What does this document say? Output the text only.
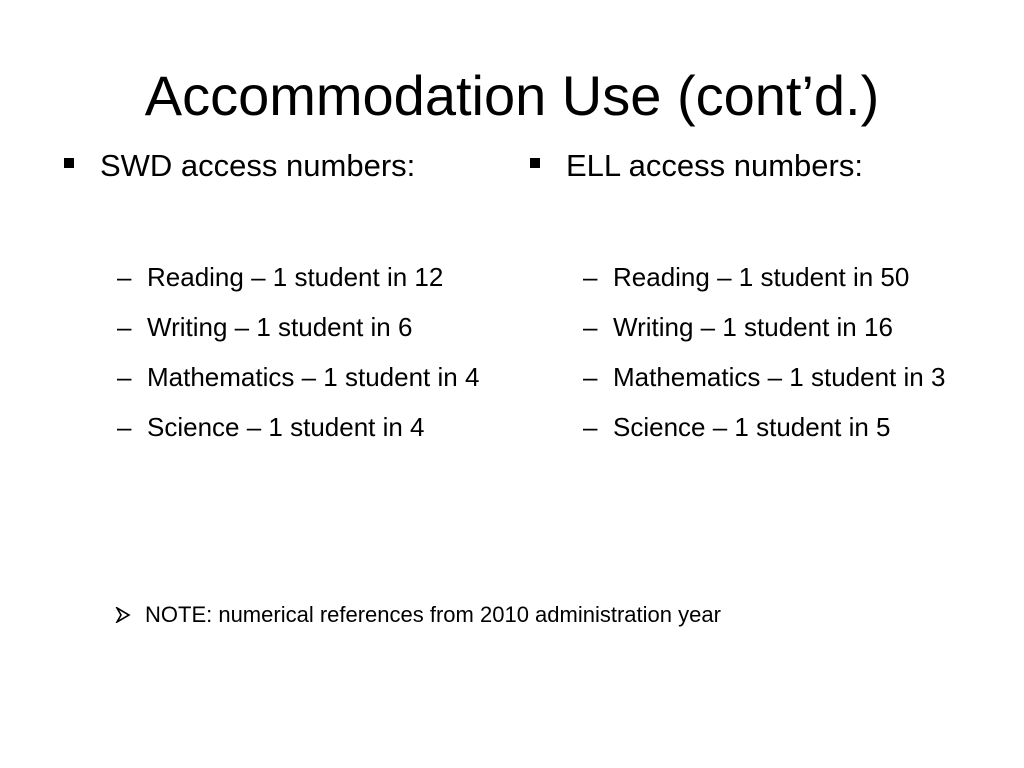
Accommodation Use (cont’d.)
SWD access numbers:
– Reading – 1 student in 12
– Writing – 1 student in 6
– Mathematics – 1 student in 4
– Science – 1 student in 4
ELL access numbers:
– Reading – 1 student in 50
– Writing – 1 student in 16
– Mathematics – 1 student in 3
– Science – 1 student in 5
NOTE: numerical references from 2010 administration year
